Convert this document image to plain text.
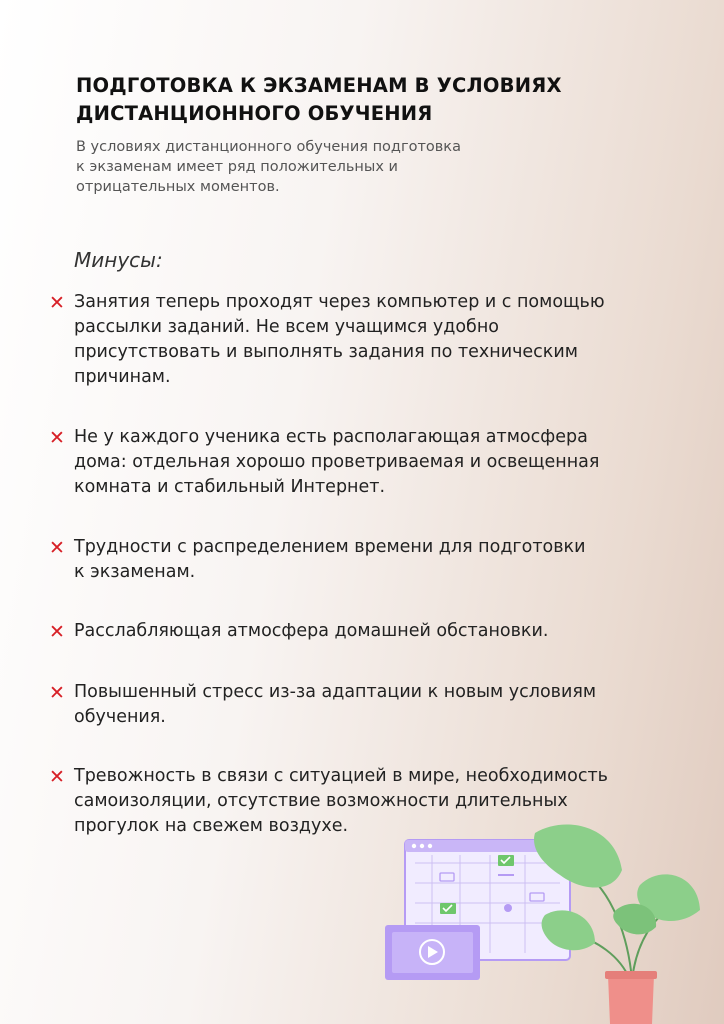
ПОДГОТОВКА К ЭКЗАМЕНАМ В УСЛОВИЯХ
ДИСТАНЦИОННОГО ОБУЧЕНИЯ
В условиях дистанционного обучения подготовка
к экзаменам имеет ряд положительных и
отрицательных моментов.
Минусы:
✕ Занятия теперь проходят через компьютер и с помощью
рассылки заданий. Не всем учащимся удобно
присутствовать и выполнять задания по техническим
причинам.
✕ Не у каждого ученика есть располагающая атмосфера
дома: отдельная хорошо проветриваемая и освещенная
комната и стабильный Интернет.
✕ Трудности с распределением времени для подготовки
к экзаменам.
✕ Расслабляющая атмосфера домашней обстановки.
✕ Повышенный стресс из-за адаптации к новым условиям
обучения.
✕ Тревожность в связи с ситуацией в мире, необходимость
самоизоляции, отсутствие возможности длительных
прогулок на свежем воздухе.
